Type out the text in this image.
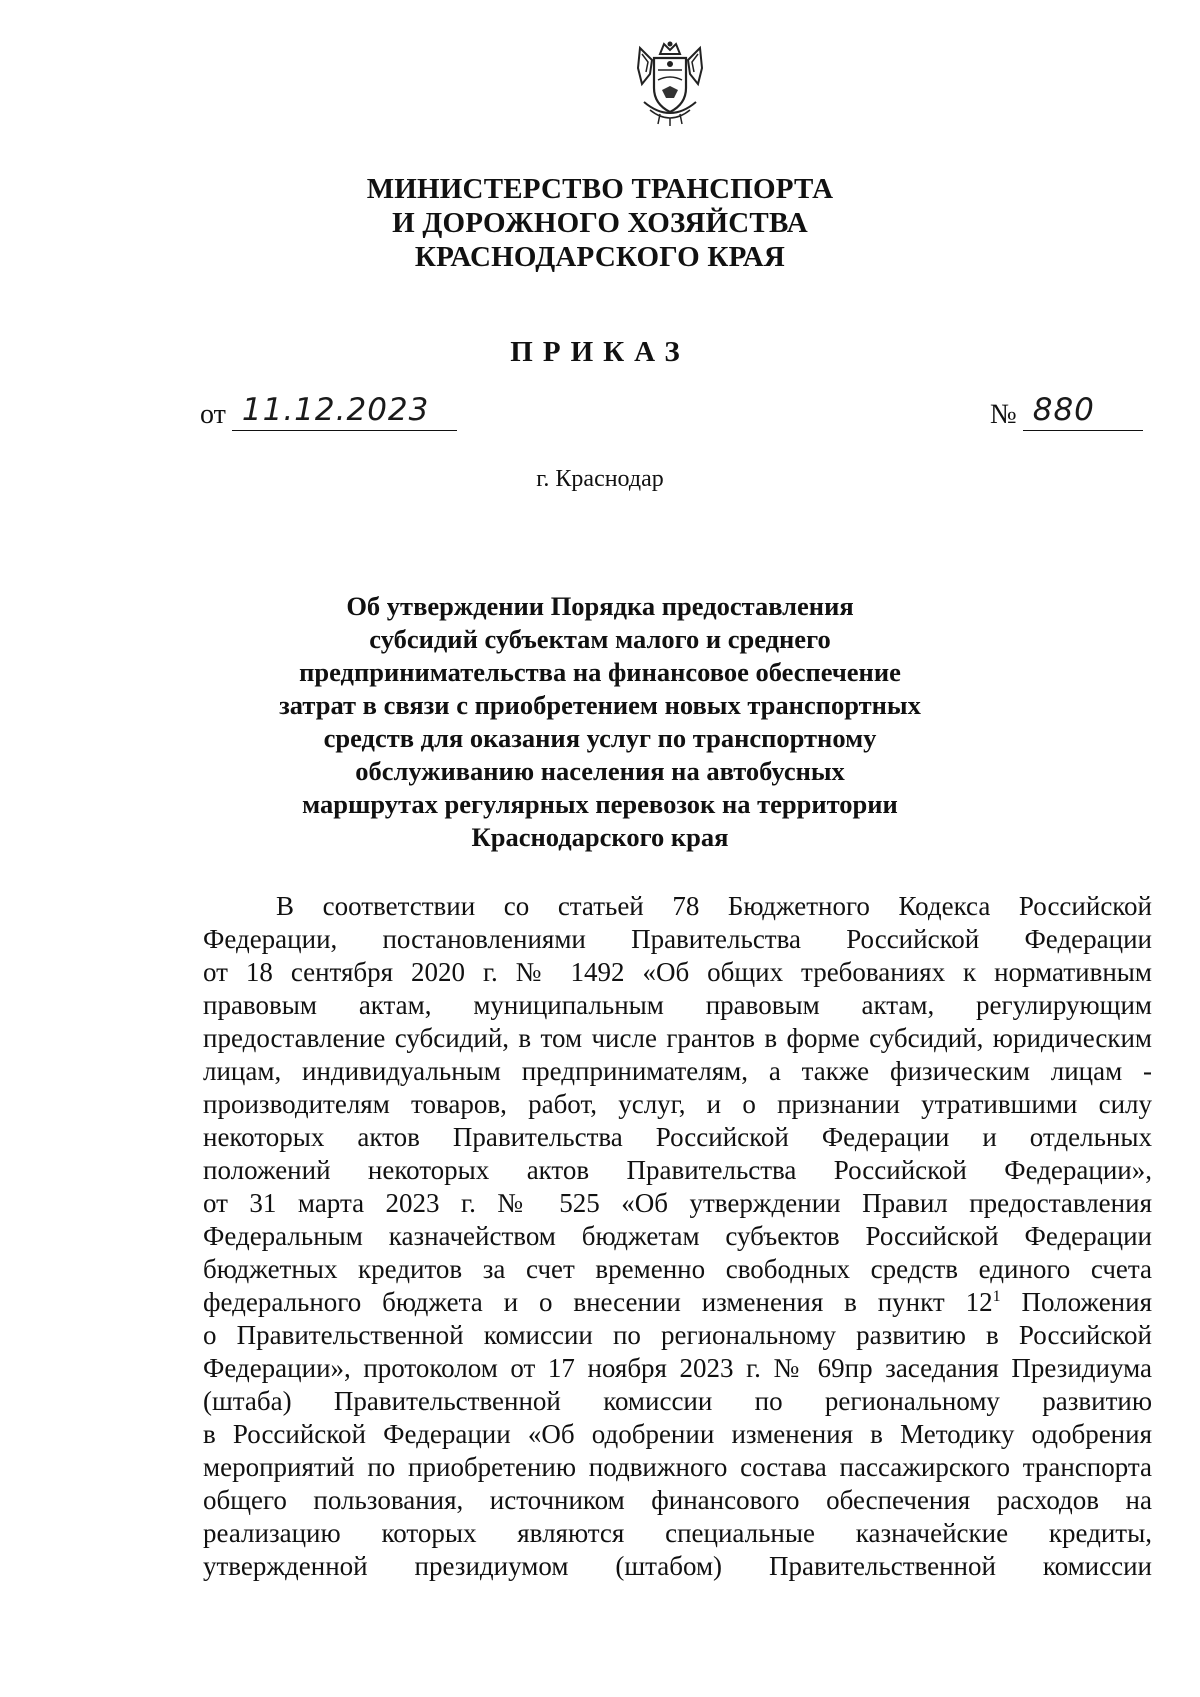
МИНИСТЕРСТВО ТРАНСПОРТА
И ДОРОЖНОГО ХОЗЯЙСТВА
КРАСНОДАРСКОГО КРАЯ
ПРИКАЗ
от 11.12.2023	№ 880
г. Краснодар
Об утверждении Порядка предоставления
субсидий субъектам малого и среднего
предпринимательства на финансовое обеспечение
затрат в связи с приобретением новых транспортных
средств для оказания услуг по транспортному
обслуживанию населения на автобусных
маршрутах регулярных перевозок на территории
Краснодарского края
В соответствии со статьей 78 Бюджетного Кодекса Российской
Федерации, постановлениями Правительства Российской Федерации
от 18 сентября 2020 г. № 1492 «Об общих требованиях к нормативным
правовым актам, муниципальным правовым актам, регулирующим
предоставление субсидий, в том числе грантов в форме субсидий, юридическим
лицам, индивидуальным предпринимателям, а также физическим лицам -
производителям товаров, работ, услуг, и о признании утратившими силу
некоторых актов Правительства Российской Федерации и отдельных
положений некоторых актов Правительства Российской Федерации»,
от 31 марта 2023 г. № 525 «Об утверждении Правил предоставления
Федеральным казначейством бюджетам субъектов Российской Федерации
бюджетных кредитов за счет временно свободных средств единого счета
федерального бюджета и о внесении изменения в пункт $12^1$ Положения
о Правительственной комиссии по региональному развитию в Российской
Федерации», протоколом от 17 ноября 2023 г. № 69пр заседания Президиума
(штаба) Правительственной комиссии по региональному развитию
в Российской Федерации «Об одобрении изменения в Методику одобрения
мероприятий по приобретению подвижного состава пассажирского транспорта
общего пользования, источником финансового обеспечения расходов на
реализацию которых являются специальные казначейские кредиты,
утвержденной президиумом (штабом) Правительственной комиссии
